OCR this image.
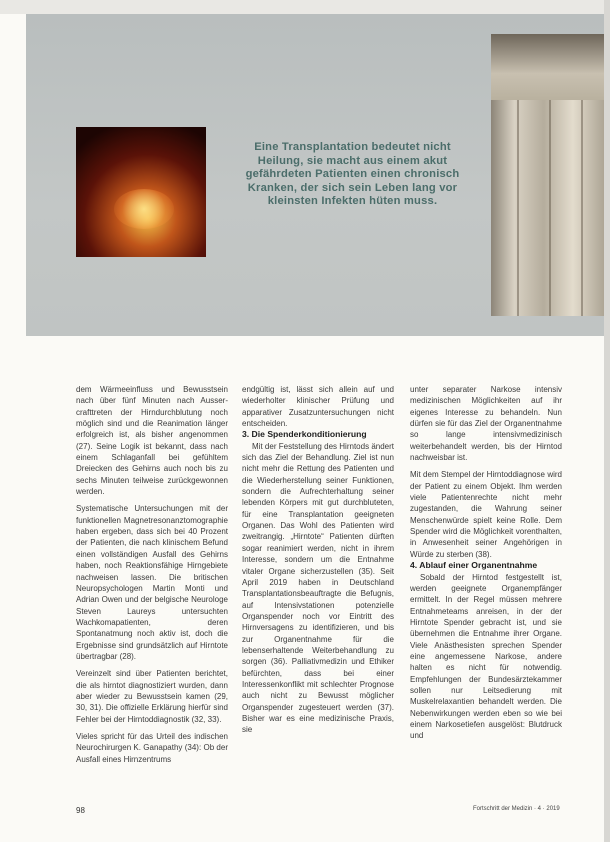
Eine Transplantation bedeutet nicht Heilung, sie macht aus einem akut gefährdeten Patienten einen chronisch Kranken, der sich sein Leben lang vor kleinsten Infekten hüten muss.

dem Wärmeeinfluss und Bewusstsein nach über fünf Minuten nach Aussercrafttreten der Hirndurchblutung noch möglich sind und die Reanimation länger erfolgreich ist, als bisher angenommen (27). Seine Logik ist bekannt, dass nach einem Schlaganfall bei gefühltem Dreiecken des Gehirns auch noch bis zu sechs Minuten teilweise zurückgewonnen werden.

Systematische Untersuchungen mit der funktionellen Magnetresonanztomographie haben ergeben, dass sich bei 40 Prozent der Patienten, die nach klinischem Befund einen vollständigen Ausfall des Gehirns haben, noch Reaktionsfähige Hirngebiete nachweisen lassen. Die britischen Neuropsychologen Martin Monti und Adrian Owen und der belgische Neurologe Steven Laureys untersuchten Wachkomapatienten, deren Spontanatmung noch aktiv ist, doch die Ergebnisse sind grundsätzlich auf Hirntote übertragbar (28).

Vereinzelt sind über Patienten berichtet, die als hirntot diagnostiziert wurden, dann aber wieder zu Bewusstsein kamen (29, 30, 31). Die offizielle Erklärung hierfür sind Fehler bei der Hirntoddiagnostik (32, 33).

Vieles spricht für das Urteil des indischen Neurochirurgen K. Ganapathy (34): Ob der Ausfall eines Hirnzentrums

endgültig ist, lässt sich allein auf und wiederholter klinischer Prüfung und apparativer Zusatzuntersuchungen nicht entscheiden.

3. Die Spenderkonditionierung

Mit der Feststellung des Hirntods ändert sich das Ziel der Behandlung. Ziel ist nun nicht mehr die Rettung des Patienten und die Wiederherstellung seiner Funktionen, sondern die Aufrechterhaltung seiner lebenden Körpers mit gut durchbluteten, für eine Transplantation geeigneten Organen. Das Wohl des Patienten wird zweitrangig. „Hirntote“ Patienten dürften sogar reanimiert werden, nicht in ihrem Interesse, sondern um die Entnahme vitaler Organe sicherzustellen (35). Seit April 2019 haben in Deutschland Transplantationsbeauftragte die Befugnis, auf Intensivstationen potenzielle Organspender noch vor Eintritt des Hirnversagens zu identifizieren, und bis zur Organentnahme für die lebenserhaltende Weiterbehandlung zu sorgen (36). Palliativmedizin und Ethiker befürchten, dass bei einer Interessenkonflikt mit schlechter Prognose auch nicht zu Bewusst möglicher Organspender zugesteuert werden (37). Bisher war es eine medizinische Praxis, sie

unter separater Narkose intensiv medizinischen Möglichkeiten auf ihr eigenes Interesse zu behandeln. Nun dürfen sie für das Ziel der Organentnahme so lange intensivmedizinisch weiterbehandelt werden, bis der Hirntod nachweisbar ist.

Mit dem Stempel der Hirntoddiagnose wird der Patient zu einem Objekt. Ihm werden viele Patientenrechte nicht mehr zugestanden, die Wahrung seiner Menschenwürde spielt keine Rolle. Dem Spender wird die Möglichkeit vorenthalten, in Anwesenheit seiner Angehörigen in Würde zu sterben (38).

4. Ablauf einer Organentnahme

Sobald der Hirntod festgestellt ist, werden geeignete Organempfänger ermittelt. In der Regel müssen mehrere Entnahmeteams anreisen, in der der Hirntote Spender gebracht ist, und sie übernehmen die Entnahme ihrer Organe. Viele Anästhesisten sprechen Spender eine angemessene Narkose, andere halten es nicht für notwendig. Empfehlungen der Bundesärztekammer sollen nur Leitsedierung mit Muskelrelaxantien behandelt werden. Die Nebenwirkungen werden eben so wie bei einem Narkosetiefen ausgelöst: Blutdruck und

98	Fortschritt der Medizin · 4 · 2019
